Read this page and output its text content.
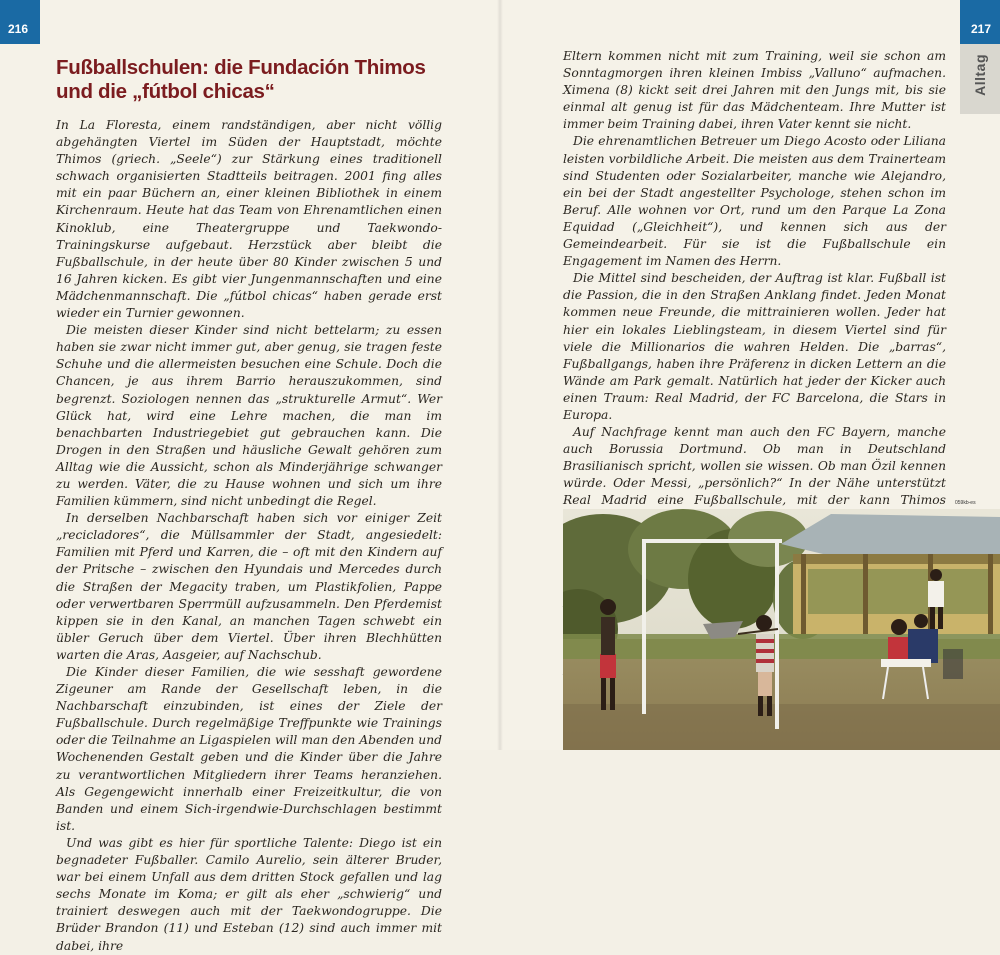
216
Fußballschulen: die Fundación Thimos
und die „fútbol chicas“

In La Floresta, einem randständigen, aber nicht völlig abgehängten Viertel im Süden der Hauptstadt, möchte Thimos (griech. „Seele“) zur Stärkung eines traditionell schwach organisierten Stadtteils beitragen. 2001 fing alles mit ein paar Büchern an, einer kleinen Bibliothek in einem Kirchenraum. Heute hat das Team von Ehrenamtlichen einen Kinoklub, eine Theatergruppe und Taekwondo-Trainingskurse aufgebaut. Herzstück aber bleibt die Fußballschule, in der heute über 80 Kinder zwischen 5 und 16 Jahren kicken. Es gibt vier Jungenmannschaften und eine Mädchenmannschaft. Die „fútbol chicas“ haben gerade erst wieder ein Turnier gewonnen.

Die meisten dieser Kinder sind nicht bettelarm; zu essen haben sie zwar nicht immer gut, aber genug, sie tragen feste Schuhe und die allermeisten besuchen eine Schule. Doch die Chancen, je aus ihrem Barrio herauszukommen, sind begrenzt. Soziologen nennen das „strukturelle Armut“. Wer Glück hat, wird eine Lehre machen, die man im benachbarten Industriegebiet gut gebrauchen kann. Die Drogen in den Straßen und häusliche Gewalt gehören zum Alltag wie die Aussicht, schon als Minderjährige schwanger zu werden. Väter, die zu Hause wohnen und sich um ihre Familien kümmern, sind nicht unbedingt die Regel.

In derselben Nachbarschaft haben sich vor einiger Zeit „recicladores“, die Müllsammler der Stadt, angesiedelt: Familien mit Pferd und Karren, die – oft mit den Kindern auf der Pritsche – zwischen den Hyundais und Mercedes durch die Straßen der Megacity traben, um Plastikfolien, Pappe oder verwertbaren Sperrmüll aufzusammeln. Den Pferdemist kippen sie in den Kanal, an manchen Tagen schwebt ein übler Geruch über dem Viertel. Über ihren Blechhütten warten die Aras, Aasgeier, auf Nachschub.

Die Kinder dieser Familien, die wie sesshaft gewordene Zigeuner am Rande der Gesellschaft leben, in die Nachbarschaft einzubinden, ist eines der Ziele der Fußballschule. Durch regelmäßige Treffpunkte wie Trainings oder die Teilnahme an Ligaspielen will man den Abenden und Wochenenden Gestalt geben und die Kinder über die Jahre zu verantwortlichen Mitgliedern ihrer Teams heranziehen. Als Gegengewicht innerhalb einer Freizeitkultur, die von Banden und einem Sich-irgendwie-Durchschlagen bestimmt ist.

Und was gibt es hier für sportliche Talente: Diego ist ein begnadeter Fußballer. Camilo Aurelio, sein älterer Bruder, war bei einem Unfall aus dem dritten Stock gefallen und lag sechs Monate im Koma; er gilt als eher „schwierig“ und trainiert deswegen auch mit der Taekwondogruppe. Die Brüder Brandon (11) und Esteban (12) sind auch immer mit dabei, ihre

217
Alltag

Eltern kommen nicht mit zum Training, weil sie schon am Sonntagmorgen ihren kleinen Imbiss „Valluno“ aufmachen. Ximena (8) kickt seit drei Jahren mit den Jungs mit, bis sie einmal alt genug ist für das Mädchenteam. Ihre Mutter ist immer beim Training dabei, ihren Vater kennt sie nicht.

Die ehrenamtlichen Betreuer um Diego Acosto oder Liliana leisten vorbildliche Arbeit. Die meisten aus dem Trainerteam sind Studenten oder Sozialarbeiter, manche wie Alejandro, ein bei der Stadt angestellter Psychologe, stehen schon im Beruf. Alle wohnen vor Ort, rund um den Parque La Zona Equidad („Gleichheit“), und kennen sich aus der Gemeindearbeit. Für sie ist die Fußballschule ein Engagement im Namen des Herrn.

Die Mittel sind bescheiden, der Auftrag ist klar. Fußball ist die Passion, die in den Straßen Anklang findet. Jeden Monat kommen neue Freunde, die mittrainieren wollen. Jeder hat hier ein lokales Lieblingsteam, in diesem Viertel sind für viele die Millionarios die wahren Helden. Die „barras“, Fußballgangs, haben ihre Präferenz in dicken Lettern an die Wände am Park gemalt. Natürlich hat jeder der Kicker auch einen Traum: Real Madrid, der FC Barcelona, die Stars in Europa.

Auf Nachfrage kennt man auch den FC Bayern, manche auch Borussia Dortmund. Ob man in Deutschland Brasilianisch spricht, wollen sie wissen. Ob man Özil kennen würde. Oder Messi, „persönlich?“ In der Nähe unterstützt Real Madrid eine Fußballschule, mit der kann Thimos 059kb-es
